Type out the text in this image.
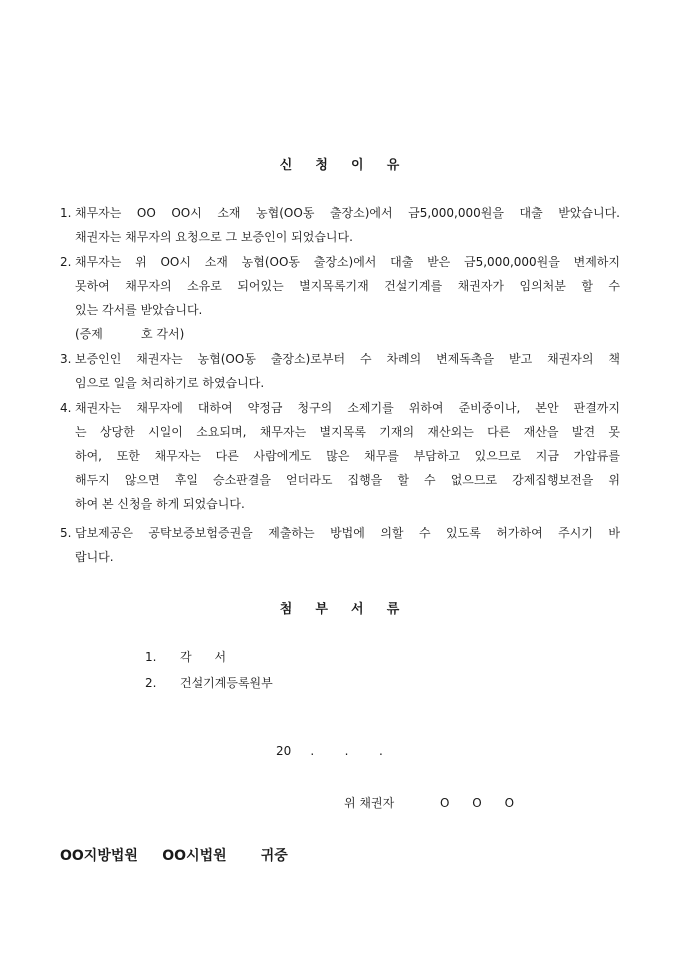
신    청    이    유
1. 채무자는 OO OO시 소재 농협(OO동 출장소)에서 금5,000,000원을 대출 받았습니다.
채권자는 채무자의 요청으로 그 보증인이 되었습니다.
2. 채무자는 위 OO시 소재 농협(OO동 출장소)에서 대출 받은 금5,000,000원을 변제하지
못하여 채무자의 소유로 되어있는 별지목록기재 건설기계를 채권자가 임의처분 할 수
있는 각서를 받았습니다.
(증제          호 각서)
3. 보증인인 채권자는 농협(OO동 출장소)로부터 수 차례의 변제독촉을 받고 채권자의 책
임으로 일을 처리하기로 하였습니다.
4. 채권자는 채무자에 대하여 약정금 청구의 소제기를 위하여 준비중이나, 본안 판결까지
는 상당한 시일이 소요되며, 채무자는 별지목록 기재의 재산외는 다른 재산을 발견 못
하여, 또한 채무자는 다른 사람에게도 많은 채무를 부담하고 있으므로 지금 가압류를
해두지 않으면 후일 승소판결을 얻더라도 집행을 할 수 없으므로 강제집행보전을 위
하여 본 신청을 하게 되었습니다.
5. 담보제공은 공탁보증보험증권을 제출하는 방법에 의할 수 있도록 허가하여 주시기 바
랍니다.
첨    부    서    류
1. 각      서
2. 건설기계등록원부
20     .        .        .
위 채권자            O      O      O
OO지방법원     OO시법원       귀중
